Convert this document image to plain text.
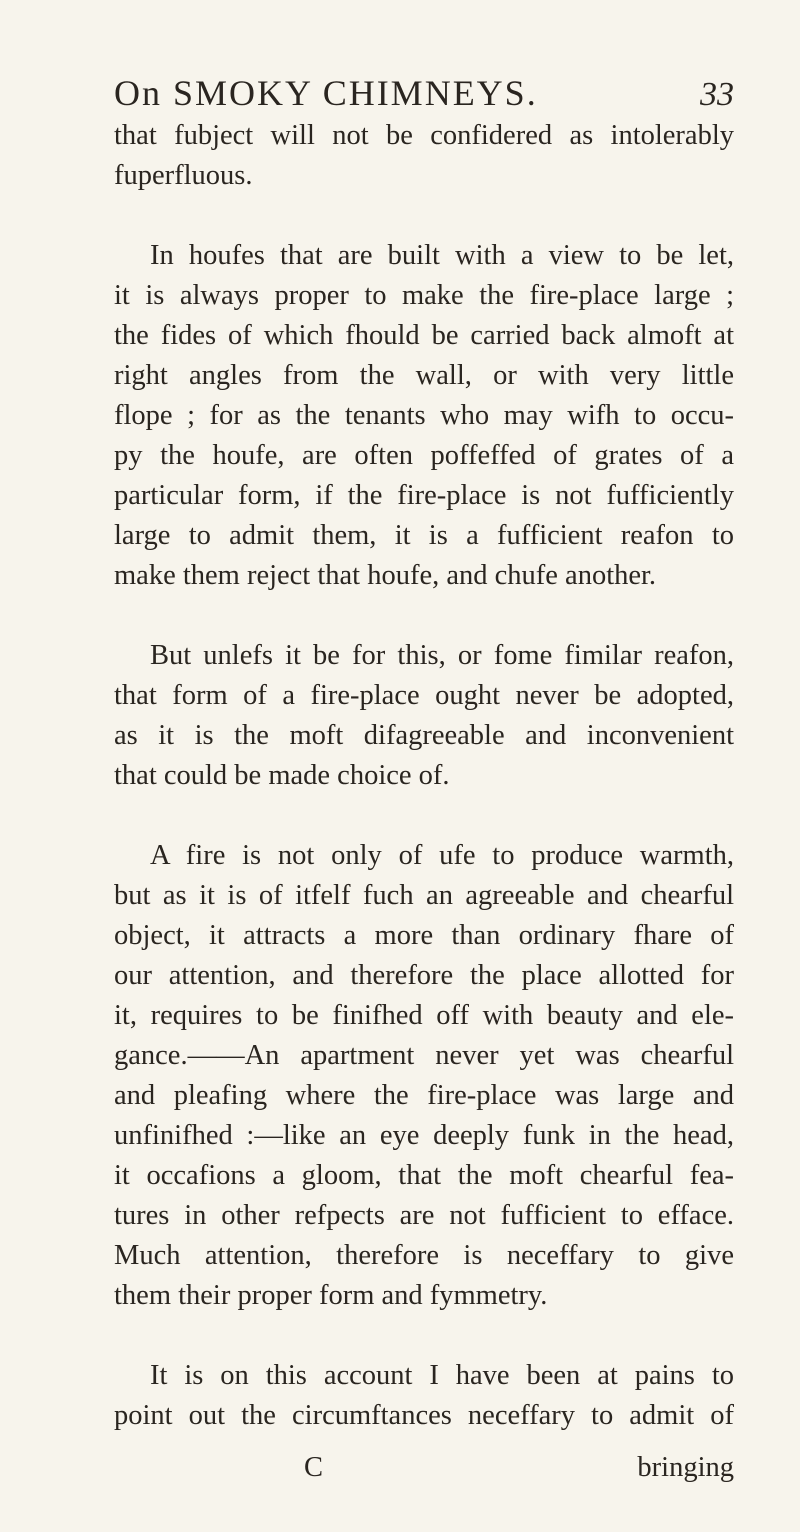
On SMOKY CHIMNEYS.	33
that fubject will not be confidered as intolerably
fuperfluous.
In houfes that are built with a view to be let,
it is always proper to make the fire-place large ;
the fides of which fhould be carried back almoft at
right angles from the wall, or with very little
flope ; for as the tenants who may wifh to occu-
py the houfe, are often poffeffed of grates of a
particular form, if the fire-place is not fufficiently
large to admit them, it is a fufficient reafon to
make them reject that houfe, and chufe another.
But unlefs it be for this, or fome fimilar reafon,
that form of a fire-place ought never be adopted,
as it is the moft difagreeable and inconvenient
that could be made choice of.
A fire is not only of ufe to produce warmth,
but as it is of itfelf fuch an agreeable and chearful
object, it attracts a more than ordinary fhare of
our attention, and therefore the place allotted for
it, requires to be finifhed off with beauty and ele-
gance.——An apartment never yet was chearful
and pleafing where the fire-place was large and
unfinifhed :—like an eye deeply funk in the head,
it occafions a gloom, that the moft chearful fea-
tures in other refpects are not fufficient to efface.
Much attention, therefore is neceffary to give
them their proper form and fymmetry.
It is on this account I have been at pains to
point out the circumftances neceffary to admit of
C	bringing
